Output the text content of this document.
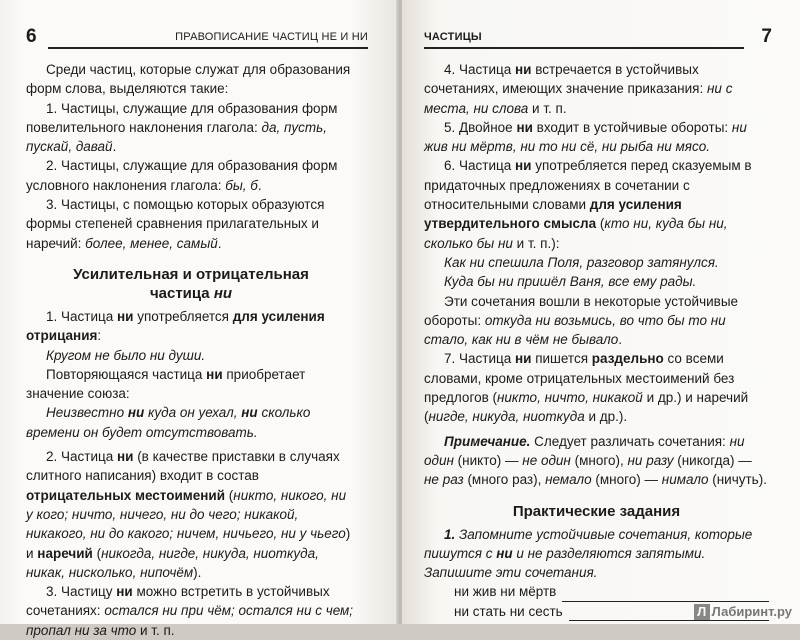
6	ПРАВОПИСАНИЕ ЧАСТИЦ НЕ И НИ

Среди частиц, которые служат для образования форм слова, выделяются такие:

1. Частицы, служащие для образования форм повелительного наклонения глагола: да, пусть, пускай, давай.

2. Частицы, служащие для образования форм условного наклонения глагола: бы, б.

3. Частицы, с помощью которых образуются формы степеней сравнения прилагательных и наречий: более, менее, самый.

Усилительная и отрицательная
частица ни

1. Частица ни употребляется для усиления отрицания:

Кругом не было ни души.

Повторяющаяся частица ни приобретает значение союза:

Неизвестно ни куда он уехал, ни сколько времени он будет отсутствовать.

2. Частица ни (в качестве приставки в случаях слитного написания) входит в состав отрицательных местоимений (никто, никого, ни у кого; ничто, ничего, ни до чего; никакой, никакого, ни до какого; ничем, ничьего, ни у чьего) и наречий (никогда, нигде, никуда, ниоткуда, никак, нисколько, нипочём).

3. Частицу ни можно встретить в устойчивых сочетаниях: остался ни при чём; остался ни с чем; пропал ни за что и т. п.

ЧАСТИЦЫ	7

4. Частица ни встречается в устойчивых сочетаниях, имеющих значение приказания: ни с места, ни слова и т. п.

5. Двойное ни входит в устойчивые обороты: ни жив ни мёртв, ни то ни сё, ни рыба ни мясо.

6. Частица ни употребляется перед сказуемым в придаточных предложениях в сочетании с относительными словами для усиления утвердительного смысла (кто ни, куда бы ни, сколько бы ни и т. п.):

Как ни спешила Поля, разговор затянулся.

Куда бы ни пришёл Ваня, все ему рады.

Эти сочетания вошли в некоторые устойчивые обороты: откуда ни возьмись, во что бы то ни стало, как ни в чём не бывало.

7. Частица ни пишется раздельно со всеми словами, кроме отрицательных местоимений без предлогов (никто, ничто, никакой и др.) и наречий (нигде, никуда, ниоткуда и др.).

Примечание. Следует различать сочетания: ни один (никто) — не один (много), ни разу (никогда) — не раз (много раз), немало (много) — нимало (ничуть).

Практические задания

1. Запомните устойчивые сочетания, которые пишутся с ни и не разделяются запятыми. Запишите эти сочетания.

ни жив ни мёртв
ни стать ни сесть	Л Лабиринт.ру
